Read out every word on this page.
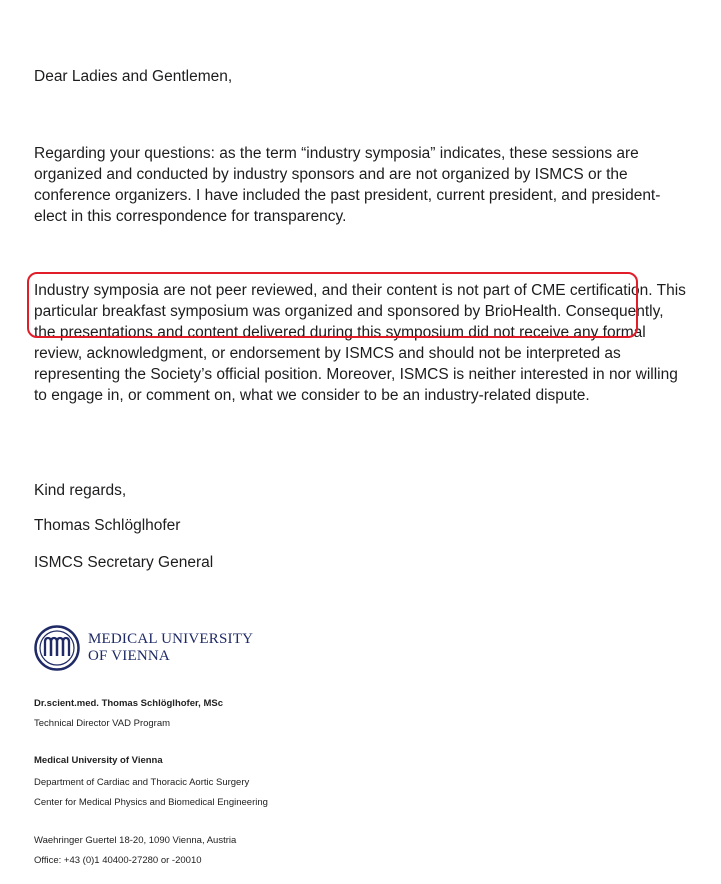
Dear Ladies and Gentlemen,

Regarding your questions: as the term “industry symposia” indicates, these sessions are organized and conducted by industry sponsors and are not organized by ISMCS or the conference organizers. I have included the past president, current president, and president-elect in this correspondence for transparency.

Industry symposia are not peer reviewed, and their content is not part of CME certification. This particular breakfast symposium was organized and sponsored by BrioHealth. Consequently, the presentations and content delivered during this symposium did not receive any formal review, acknowledgment, or endorsement by ISMCS and should not be interpreted as representing the Society’s official position. Moreover, ISMCS is neither interested in nor willing to engage in, or comment on, what we consider to be an industry-related dispute.

Kind regards,

Thomas Schlöglhofer

ISMCS Secretary General

MEDICAL UNIVERSITY
OF VIENNA
Dr.scient.med. Thomas Schlöglhofer, MSc
Technical Director VAD Program
Medical University of Vienna
Department of Cardiac and Thoracic Aortic Surgery
Center for Medical Physics and Biomedical Engineering
Waehringer Guertel 18-20, 1090 Vienna, Austria
Office: +43 (0)1 40400-27280 or -20010
